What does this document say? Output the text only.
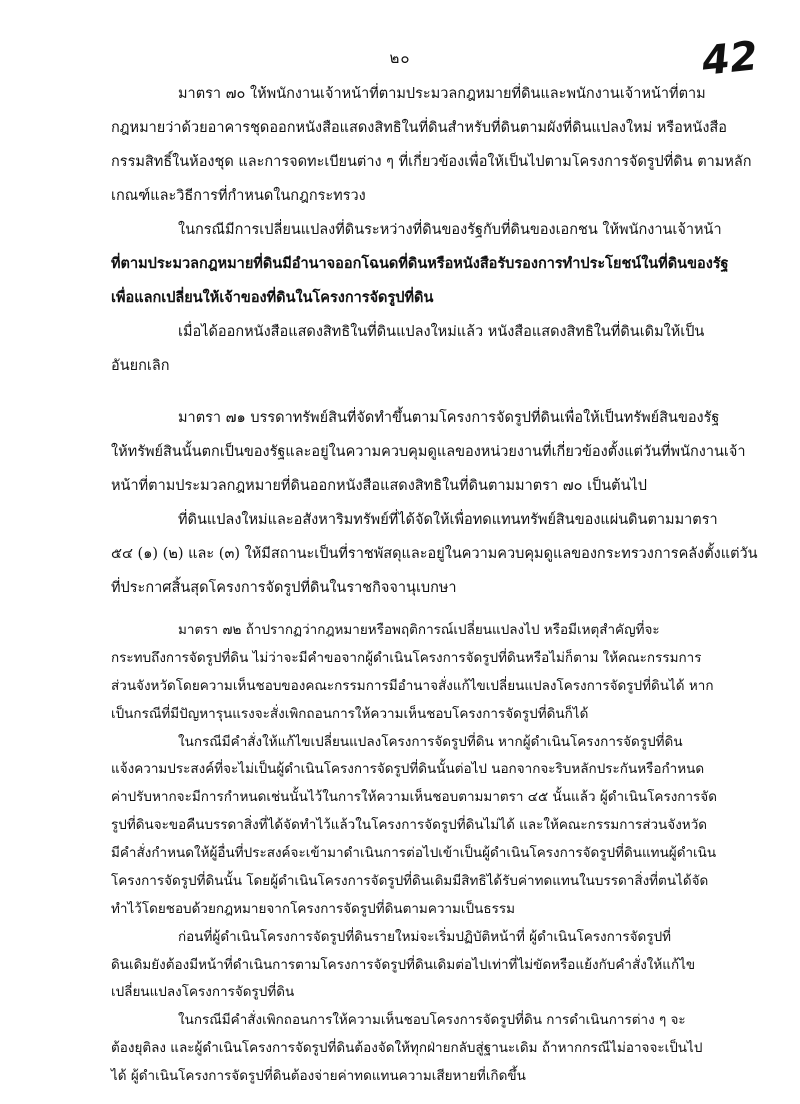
๒๐	42
มาตรา ๗๐ ให้พนักงานเจ้าหน้าที่ตามประมวลกฎหมายที่ดินและพนักงานเจ้าหน้าที่ตาม
กฎหมายว่าด้วยอาคารชุดออกหนังสือแสดงสิทธิในที่ดินสำหรับที่ดินตามผังที่ดินแปลงใหม่ หรือหนังสือ
กรรมสิทธิ์ในห้องชุด และการจดทะเบียนต่าง ๆ ที่เกี่ยวข้องเพื่อให้เป็นไปตามโครงการจัดรูปที่ดิน ตามหลัก
เกณฑ์และวิธีการที่กำหนดในกฎกระทรวง
ในกรณีมีการเปลี่ยนแปลงที่ดินระหว่างที่ดินของรัฐกับที่ดินของเอกชน ให้พนักงานเจ้าหน้า
ที่ตามประมวลกฎหมายที่ดินมีอำนาจออกโฉนดที่ดินหรือหนังสือรับรองการทำประโยชน์ในที่ดินของรัฐ
เพื่อแลกเปลี่ยนให้เจ้าของที่ดินในโครงการจัดรูปที่ดิน
เมื่อได้ออกหนังสือแสดงสิทธิในที่ดินแปลงใหม่แล้ว หนังสือแสดงสิทธิในที่ดินเดิมให้เป็น
อันยกเลิก
มาตรา ๗๑ บรรดาทรัพย์สินที่จัดทำขึ้นตามโครงการจัดรูปที่ดินเพื่อให้เป็นทรัพย์สินของรัฐ
ให้ทรัพย์สินนั้นตกเป็นของรัฐและอยู่ในความควบคุมดูแลของหน่วยงานที่เกี่ยวข้องตั้งแต่วันที่พนักงานเจ้า
หน้าที่ตามประมวลกฎหมายที่ดินออกหนังสือแสดงสิทธิในที่ดินตามมาตรา ๗๐ เป็นต้นไป
ที่ดินแปลงใหม่และอสังหาริมทรัพย์ที่ได้จัดให้เพื่อทดแทนทรัพย์สินของแผ่นดินตามมาตรา
๕๔ (๑) (๒) และ (๓) ให้มีสถานะเป็นที่ราชพัสดุและอยู่ในความควบคุมดูแลของกระทรวงการคลังตั้งแต่วัน
ที่ประกาศสิ้นสุดโครงการจัดรูปที่ดินในราชกิจจานุเบกษา
มาตรา ๗๒ ถ้าปรากฏว่ากฎหมายหรือพฤติการณ์เปลี่ยนแปลงไป หรือมีเหตุสำคัญที่จะ
กระทบถึงการจัดรูปที่ดิน ไม่ว่าจะมีคำขอจากผู้ดำเนินโครงการจัดรูปที่ดินหรือไม่ก็ตาม ให้คณะกรรมการ
ส่วนจังหวัดโดยความเห็นชอบของคณะกรรมการมีอำนาจสั่งแก้ไขเปลี่ยนแปลงโครงการจัดรูปที่ดินได้ หาก
เป็นกรณีที่มีปัญหารุนแรงจะสั่งเพิกถอนการให้ความเห็นชอบโครงการจัดรูปที่ดินก็ได้
ในกรณีมีคำสั่งให้แก้ไขเปลี่ยนแปลงโครงการจัดรูปที่ดิน หากผู้ดำเนินโครงการจัดรูปที่ดิน
แจ้งความประสงค์ที่จะไม่เป็นผู้ดำเนินโครงการจัดรูปที่ดินนั้นต่อไป นอกจากจะริบหลักประกันหรือกำหนด
ค่าปรับหากจะมีการกำหนดเช่นนั้นไว้ในการให้ความเห็นชอบตามมาตรา ๔๕ นั้นแล้ว ผู้ดำเนินโครงการจัด
รูปที่ดินจะขอคืนบรรดาสิ่งที่ได้จัดทำไว้แล้วในโครงการจัดรูปที่ดินไม่ได้ และให้คณะกรรมการส่วนจังหวัด
มีคำสั่งกำหนดให้ผู้อื่นที่ประสงค์จะเข้ามาดำเนินการต่อไปเข้าเป็นผู้ดำเนินโครงการจัดรูปที่ดินแทนผู้ดำเนิน
โครงการจัดรูปที่ดินนั้น โดยผู้ดำเนินโครงการจัดรูปที่ดินเดิมมีสิทธิได้รับค่าทดแทนในบรรดาสิ่งที่ตนได้จัด
ทำไว้โดยชอบด้วยกฎหมายจากโครงการจัดรูปที่ดินตามความเป็นธรรม
ก่อนที่ผู้ดำเนินโครงการจัดรูปที่ดินรายใหม่จะเริ่มปฏิบัติหน้าที่ ผู้ดำเนินโครงการจัดรูปที่
ดินเดิมยังต้องมีหน้าที่ดำเนินการตามโครงการจัดรูปที่ดินเดิมต่อไปเท่าที่ไม่ขัดหรือแย้งกับคำสั่งให้แก้ไข
เปลี่ยนแปลงโครงการจัดรูปที่ดิน
ในกรณีมีคำสั่งเพิกถอนการให้ความเห็นชอบโครงการจัดรูปที่ดิน การดำเนินการต่าง ๆ จะ
ต้องยุติลง และผู้ดำเนินโครงการจัดรูปที่ดินต้องจัดให้ทุกฝ่ายกลับสู่ฐานะเดิม ถ้าหากกรณีไม่อาจจะเป็นไป
ได้ ผู้ดำเนินโครงการจัดรูปที่ดินต้องจ่ายค่าทดแทนความเสียหายที่เกิดขึ้น
